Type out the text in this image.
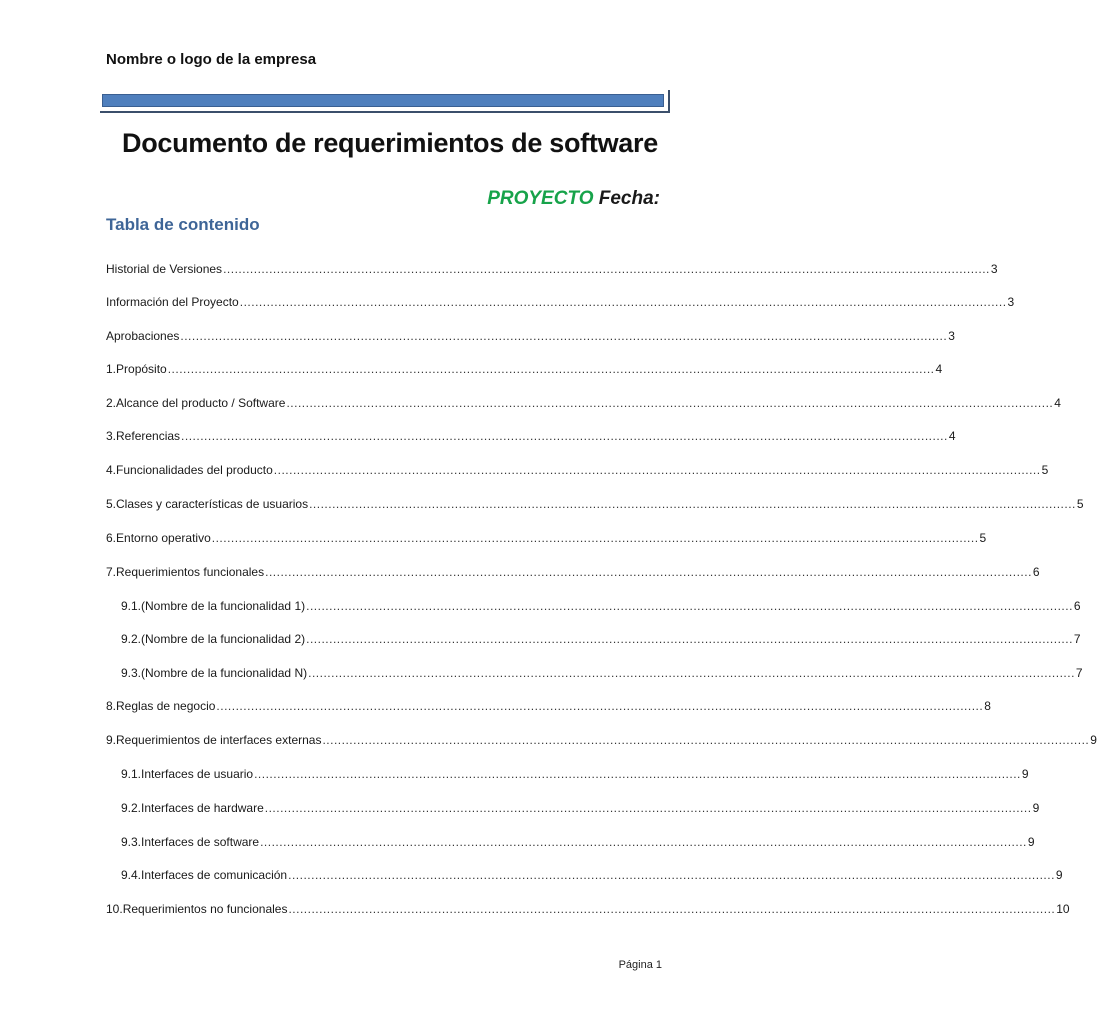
Nombre o logo de la empresa
Documento de requerimientos de software
PROYECTO Fecha:
Tabla de contenido
Historial de Versiones ........................................................................................................................................................................................................ 3
Información del Proyecto ........................................................................................................................................................................................................ 3
Aprobaciones ........................................................................................................................................................................................................ 3
1. Propósito ........................................................................................................................................................................................................ 4
2. Alcance del producto / Software ........................................................................................................................................................................................................ 4
3. Referencias ........................................................................................................................................................................................................ 4
4. Funcionalidades del producto ........................................................................................................................................................................................................ 5
5. Clases y características de usuarios ........................................................................................................................................................................................................ 5
6. Entorno operativo ........................................................................................................................................................................................................ 5
7. Requerimientos funcionales ........................................................................................................................................................................................................ 6
9.1. (Nombre de la funcionalidad 1) ........................................................................................................................................................................................................ 6
9.2. (Nombre de la funcionalidad 2) ........................................................................................................................................................................................................ 7
9.3. (Nombre de la funcionalidad N) ........................................................................................................................................................................................................ 7
8. Reglas de negocio ........................................................................................................................................................................................................ 8
9. Requerimientos de interfaces externas ........................................................................................................................................................................................................ 9
9.1. Interfaces de usuario ........................................................................................................................................................................................................ 9
9.2. Interfaces de hardware ........................................................................................................................................................................................................ 9
9.3. Interfaces de software ........................................................................................................................................................................................................ 9
9.4. Interfaces de comunicación ........................................................................................................................................................................................................ 9
10. Requerimientos no funcionales ........................................................................................................................................................................................................ 10
Página 1
